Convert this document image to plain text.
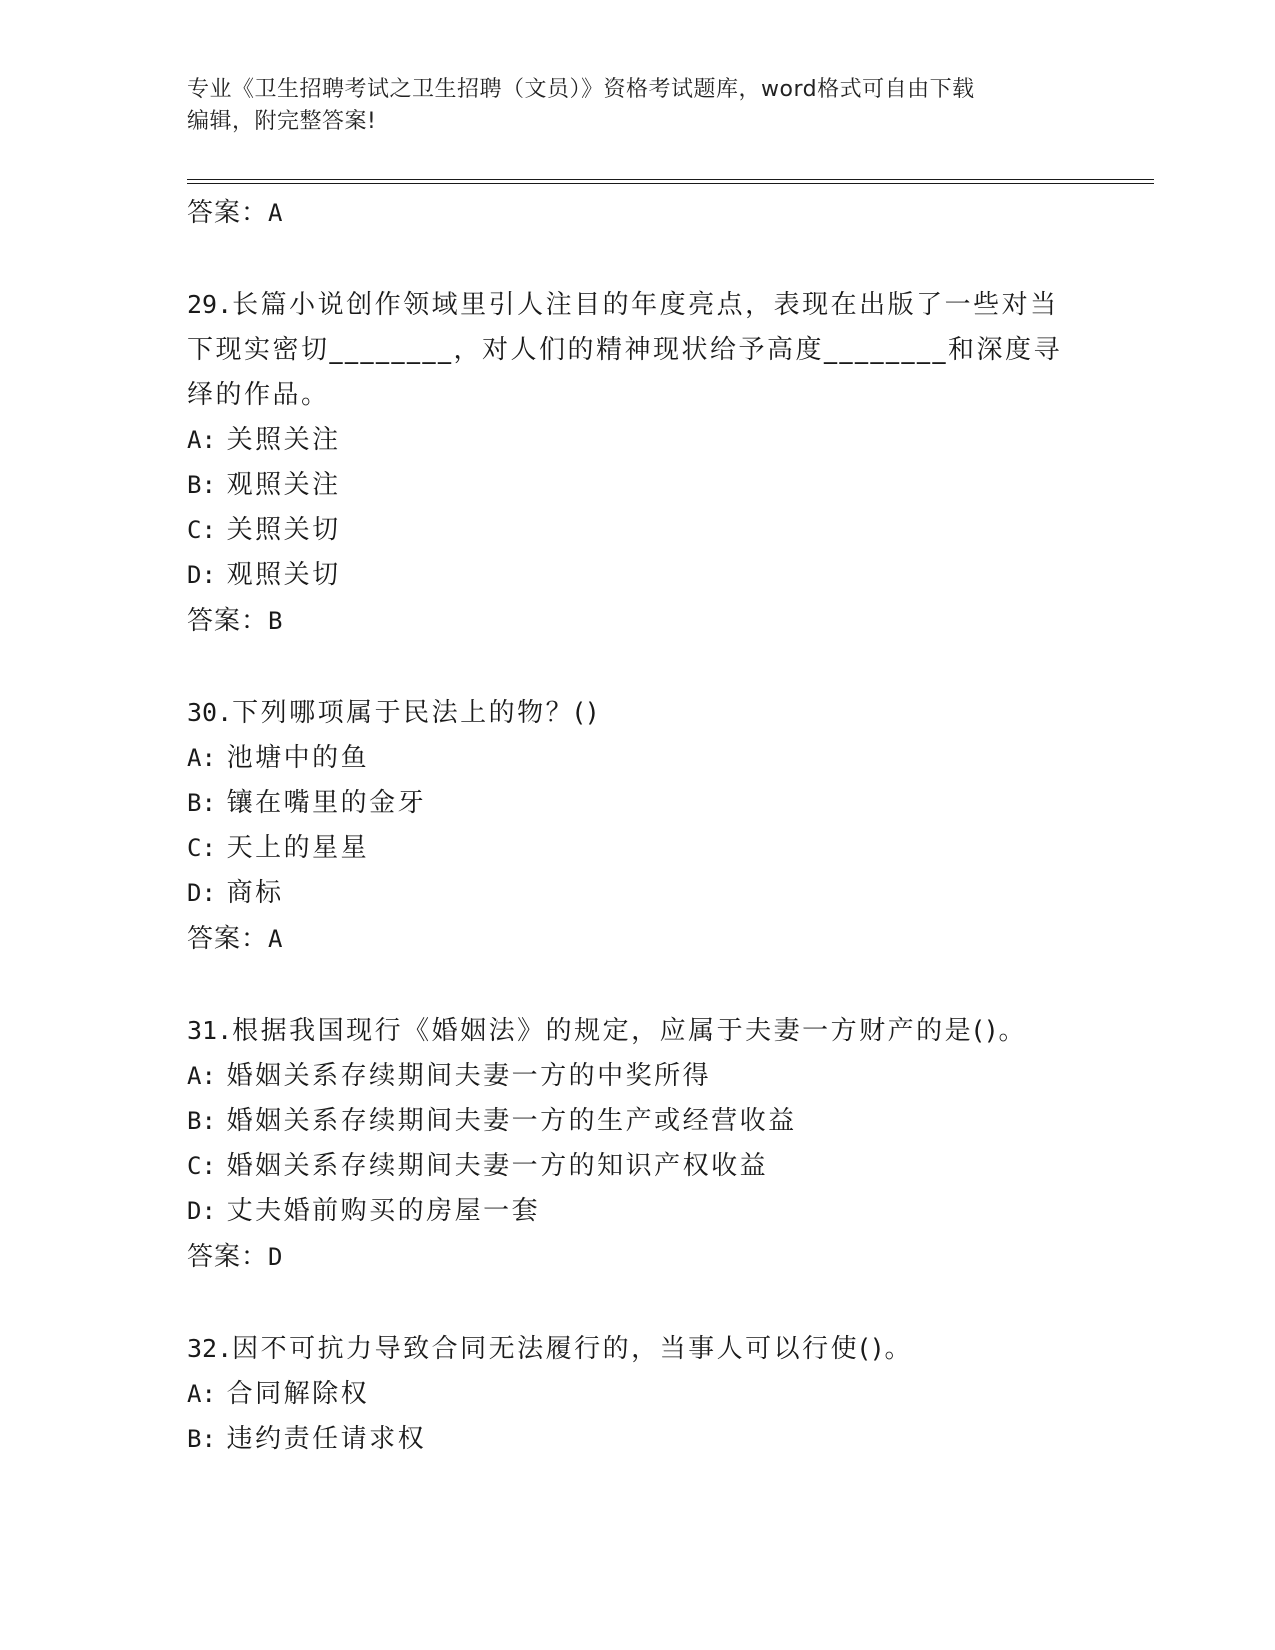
专业《卫生招聘考试之卫生招聘（文员）》资格考试题库，word格式可自由下载
编辑，附完整答案!

答案：A

29.长篇小说创作领域里引人注目的年度亮点，表现在出版了一些对当

下现实密切________，对人们的精神现状给予高度________和深度寻

绎的作品。

A: 关照关注

B: 观照关注

C: 关照关切

D: 观照关切

答案：B

30.下列哪项属于民法上的物？()

A: 池塘中的鱼

B: 镶在嘴里的金牙

C: 天上的星星

D: 商标

答案：A

31.根据我国现行《婚姻法》的规定，应属于夫妻一方财产的是()。

A: 婚姻关系存续期间夫妻一方的中奖所得

B: 婚姻关系存续期间夫妻一方的生产或经营收益

C: 婚姻关系存续期间夫妻一方的知识产权收益

D: 丈夫婚前购买的房屋一套

答案：D

32.因不可抗力导致合同无法履行的，当事人可以行使()。

A: 合同解除权

B: 违约责任请求权
